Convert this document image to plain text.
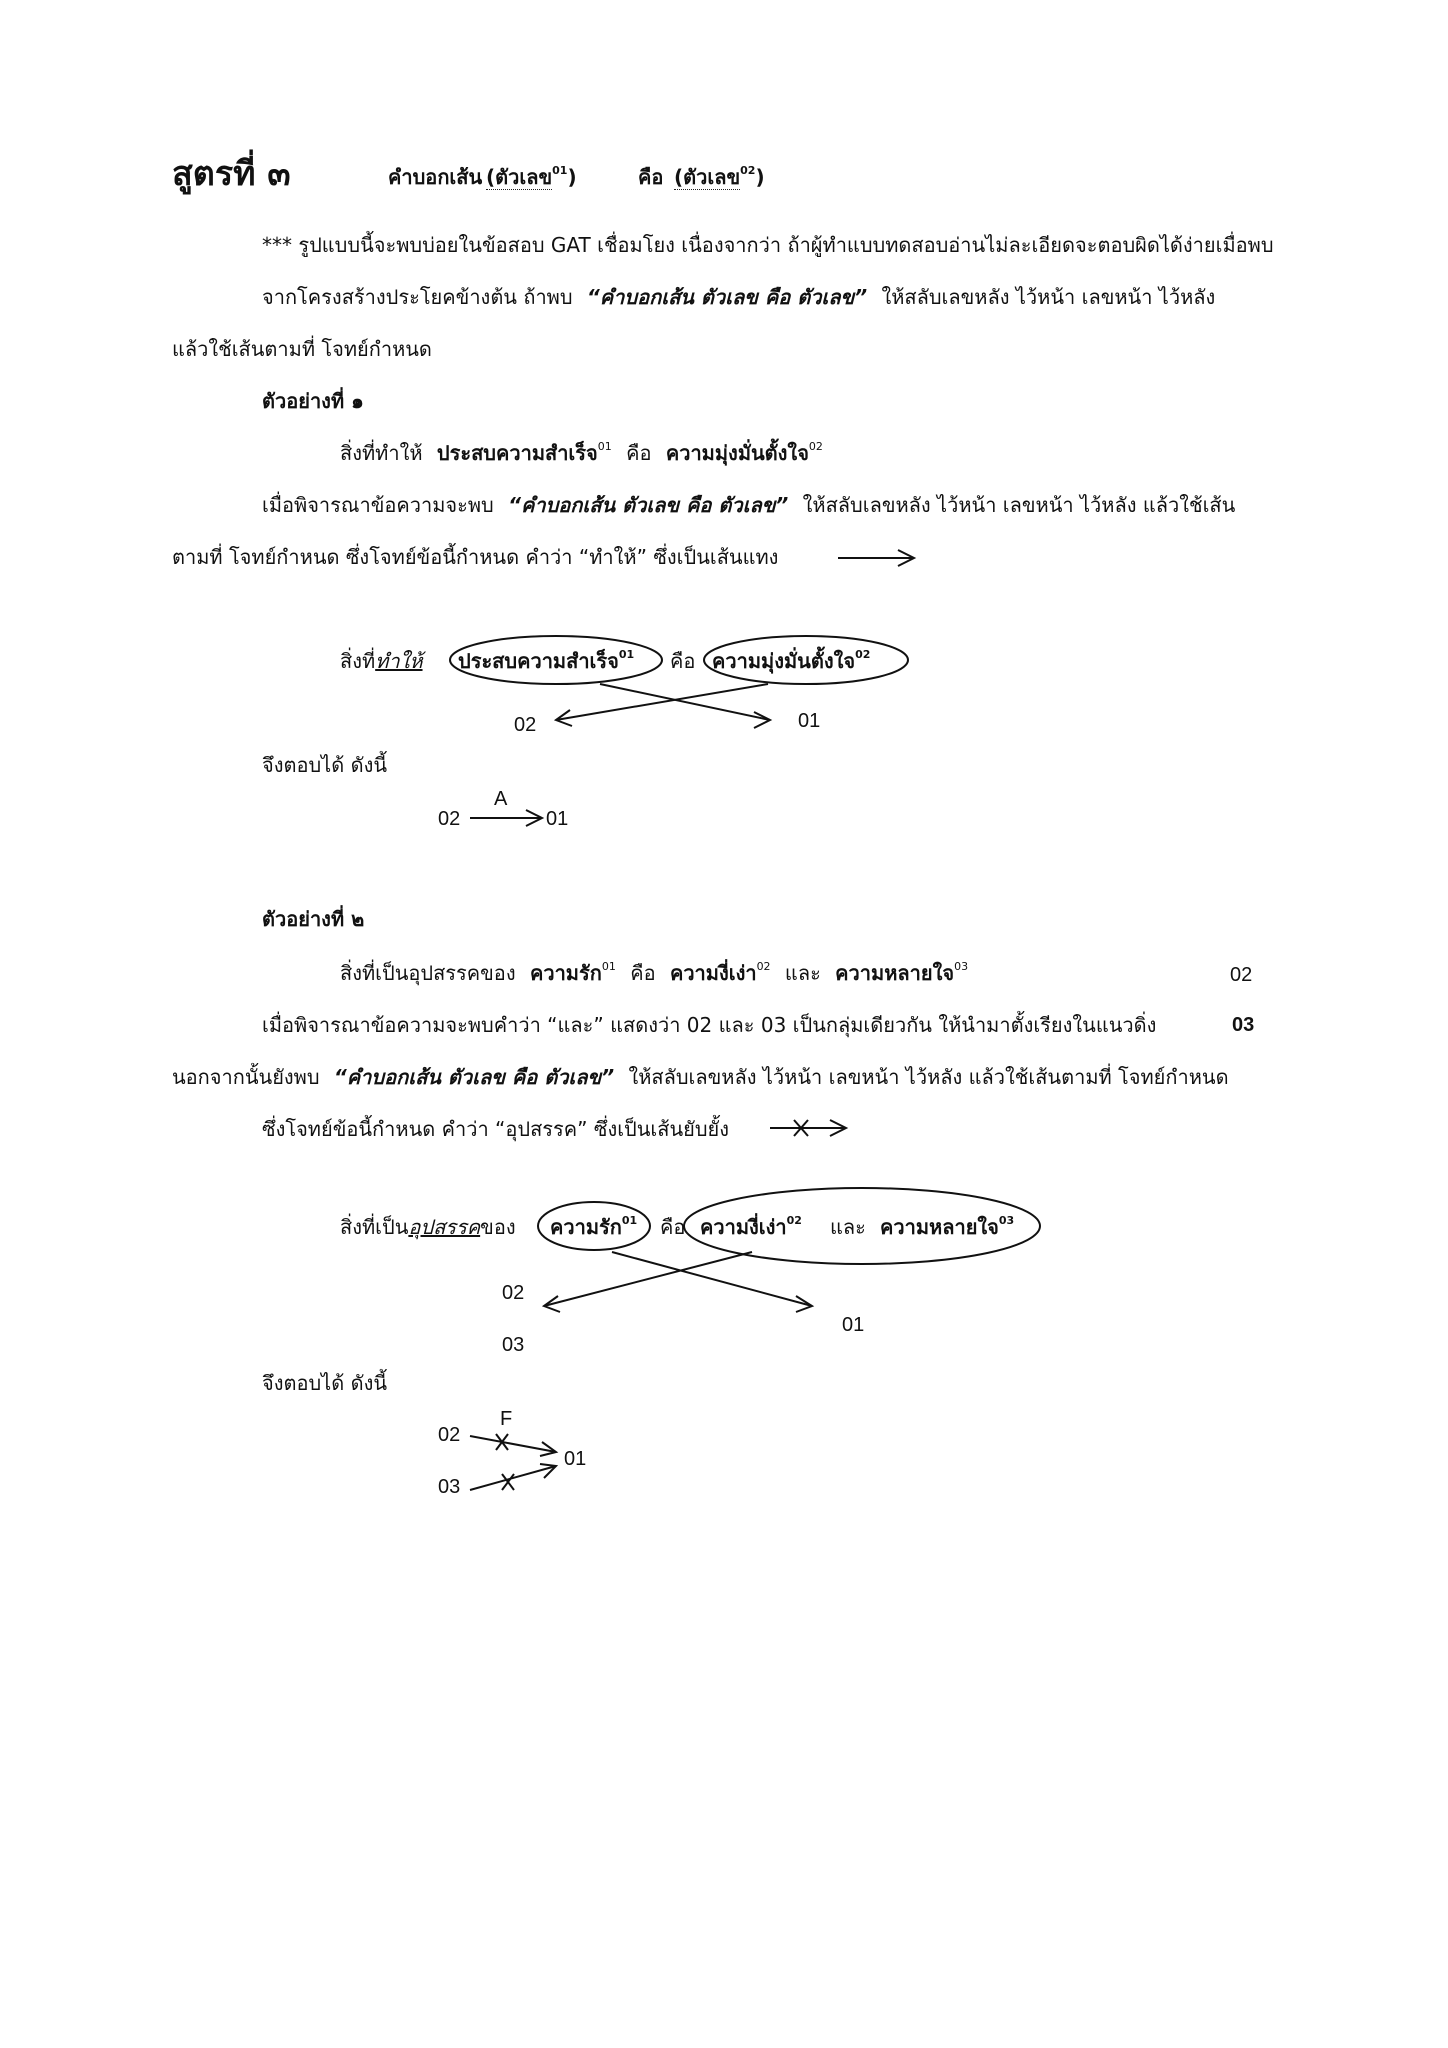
สูตรที่ ๓	คำบอกเส้น (ตัวเลข$^{01}$)	คือ (ตัวเลข$^{02}$)

*** รูปแบบนี้จะพบบ่อยในข้อสอบ GAT เชื่อมโยง เนื่องจากว่า ถ้าผู้ทำแบบทดสอบอ่านไม่ละเอียดจะตอบผิดได้ง่ายเมื่อพบ

จากโครงสร้างประโยคข้างต้น ถ้าพบ “คำบอกเส้น ตัวเลข คือ ตัวเลข” ให้สลับเลขหลัง ไว้หน้า เลขหน้า ไว้หลัง

แล้วใช้เส้นตามที่ โจทย์กำหนด

ตัวอย่างที่ ๑

สิ่งที่ทำให้ ประสบความสำเร็จ$^{01}$ คือ ความมุ่งมั่นตั้งใจ$^{02}$

เมื่อพิจารณาข้อความจะพบ “คำบอกเส้น ตัวเลข คือ ตัวเลข” ให้สลับเลขหลัง ไว้หน้า เลขหน้า ไว้หลัง แล้วใช้เส้น

ตามที่ โจทย์กำหนด ซึ่งโจทย์ข้อนี้กำหนด คำว่า “ทำให้” ซึ่งเป็นเส้นแทง

สิ่งที่ทำให้ ประสบความสำเร็จ$^{01}$ คือ ความมุ่งมั่นตั้งใจ$^{02}$
02	01

จึงตอบได้ ดังนี้

02
A
01

ตัวอย่างที่ ๒

สิ่งที่เป็นอุปสรรคของ ความรัก$^{01}$ คือ ความงี่เง่า$^{02}$ และ ความหลายใจ$^{03}$	02

เมื่อพิจารณาข้อความจะพบคำว่า “และ” แสดงว่า 02 และ 03 เป็นกลุ่มเดียวกัน ให้นำมาตั้งเรียงในแนวดิ่ง	03

นอกจากนั้นยังพบ “คำบอกเส้น ตัวเลข คือ ตัวเลข” ให้สลับเลขหลัง ไว้หน้า เลขหน้า ไว้หลัง แล้วใช้เส้นตามที่ โจทย์กำหนด

ซึ่งโจทย์ข้อนี้กำหนด คำว่า “อุปสรรค” ซึ่งเป็นเส้นยับยั้ง

สิ่งที่เป็นอุปสรรคของ ความรัก$^{01}$ คือ ความงี่เง่า$^{02}$ และ ความหลายใจ$^{03}$
02
03
01

จึงตอบได้ ดังนี้

02
03
F
01
